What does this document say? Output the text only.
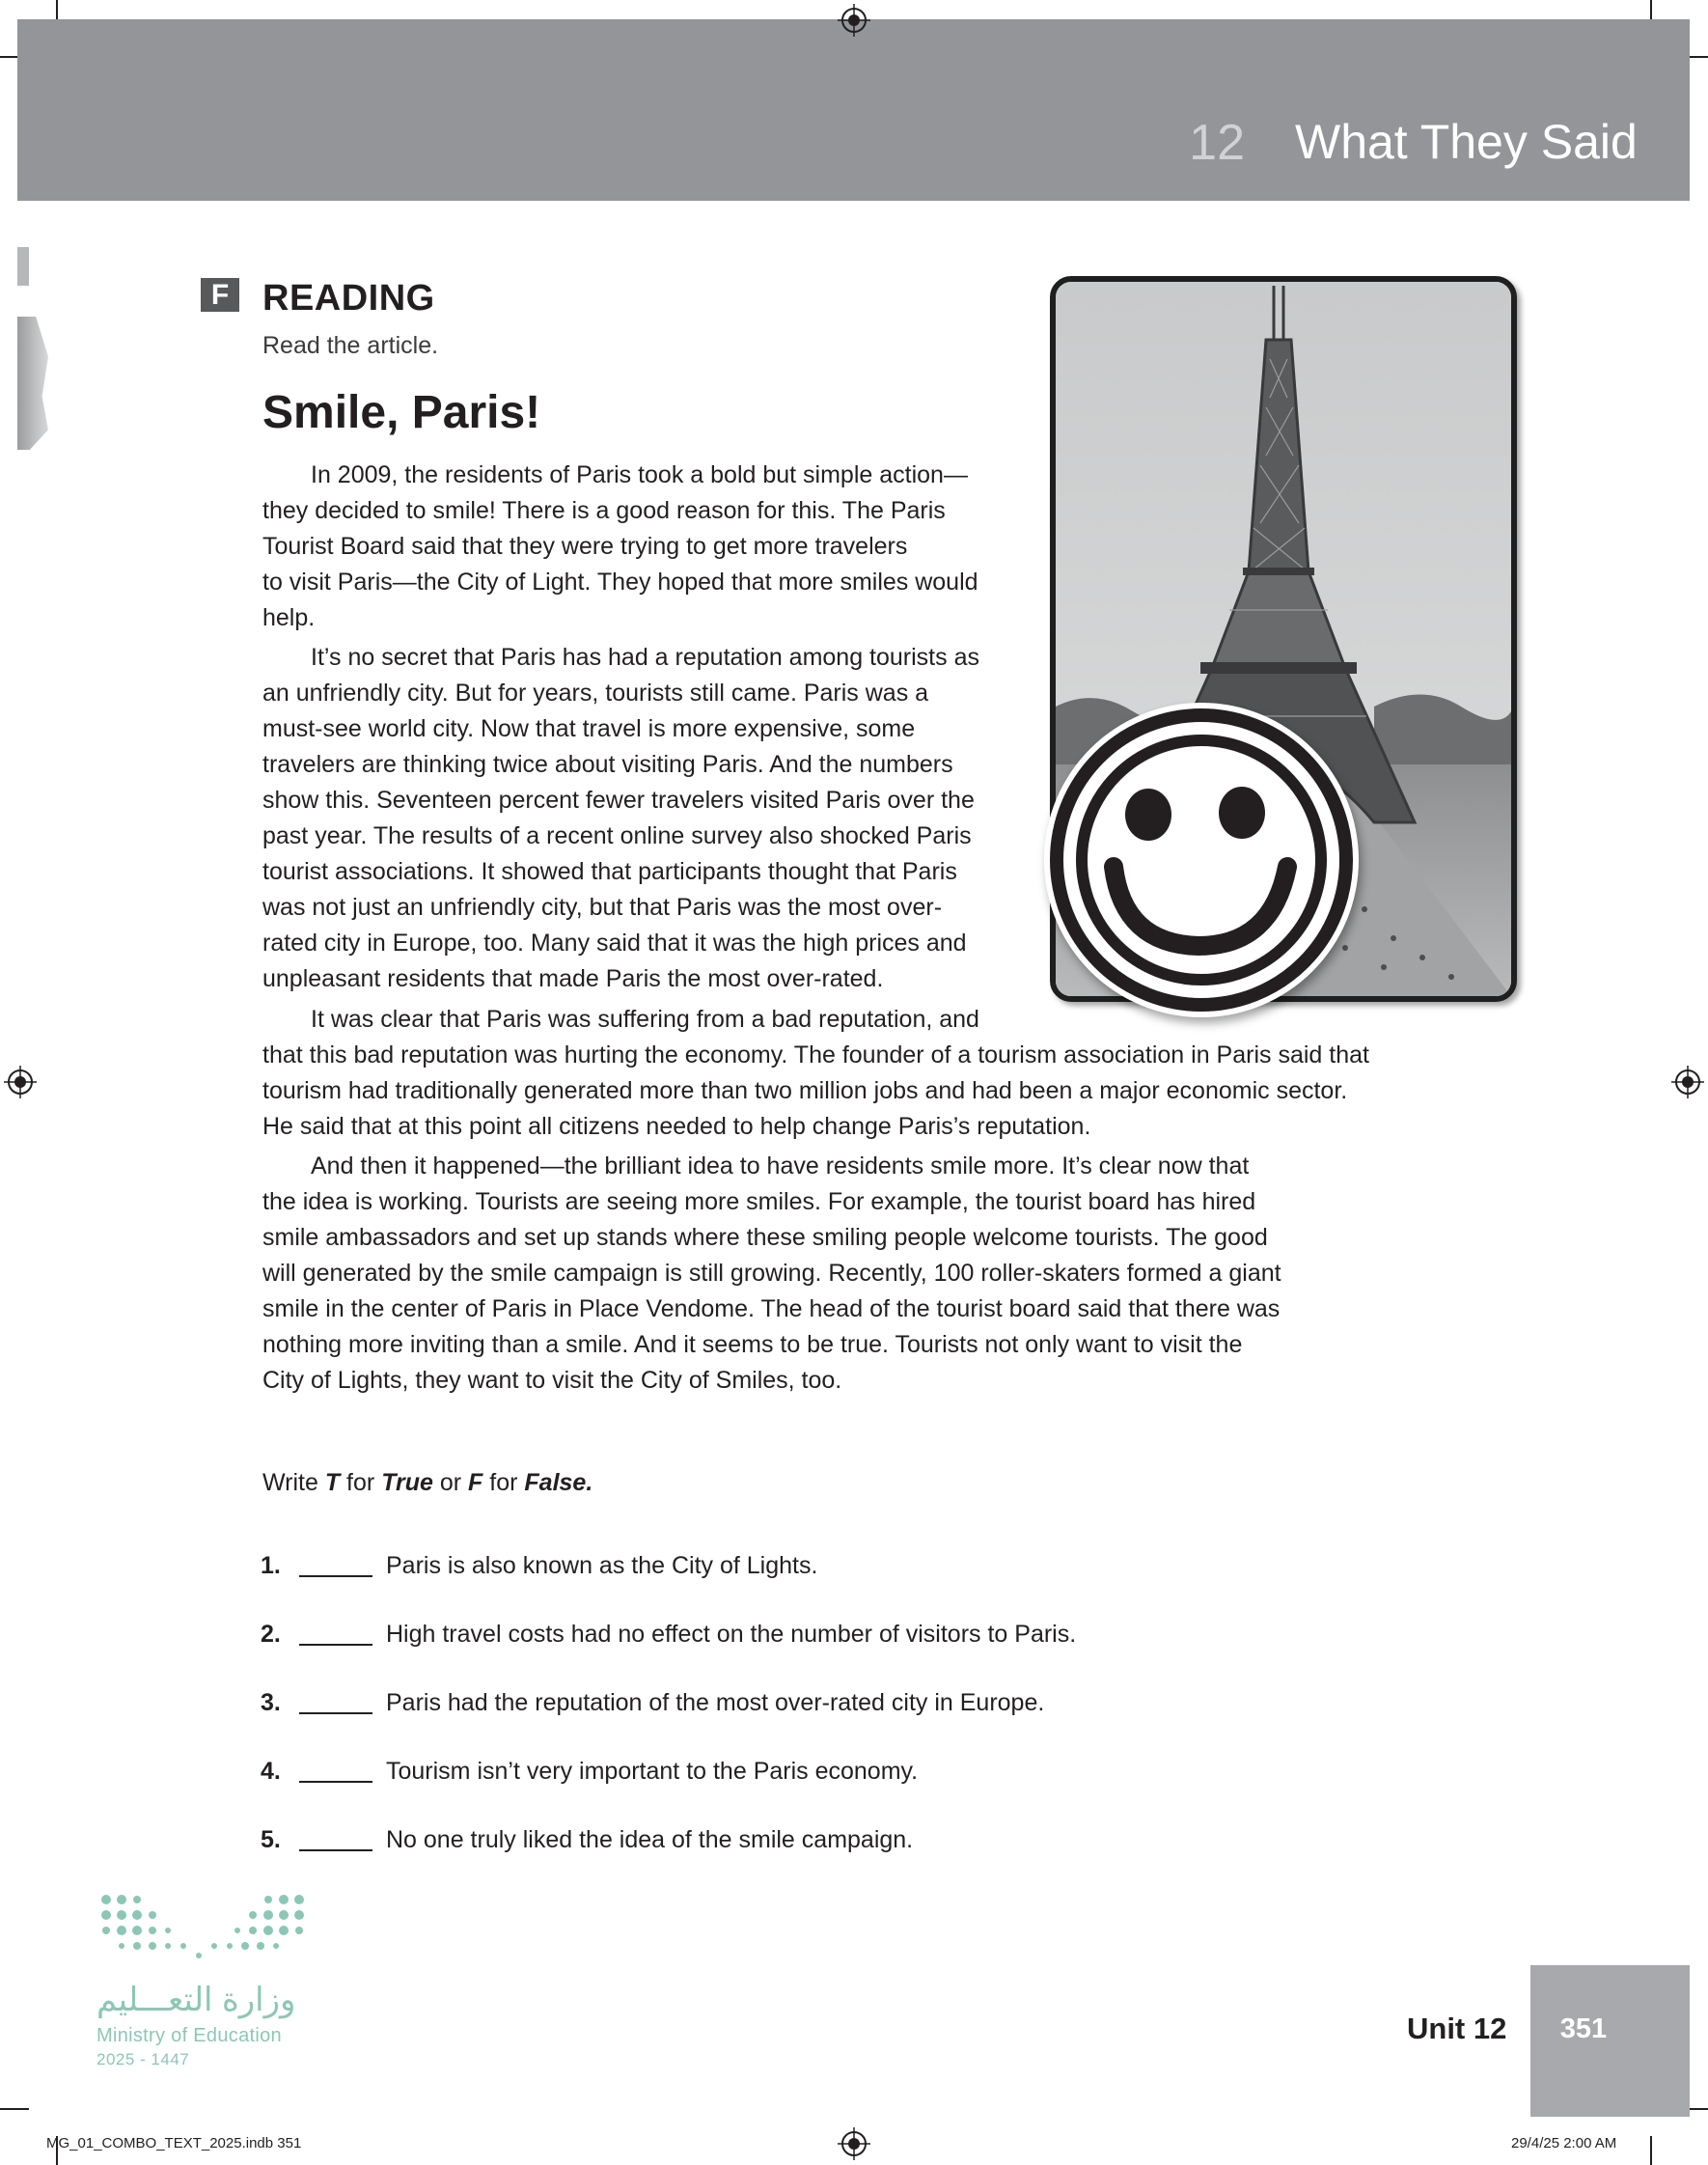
12 What They Said
F READING
Read the article.
Smile, Paris!

In 2009, the residents of Paris took a bold but simple action—
they decided to smile! There is a good reason for this. The Paris
Tourist Board said that they were trying to get more travelers
to visit Paris—the City of Light. They hoped that more smiles would
help.

It’s no secret that Paris has had a reputation among tourists as
an unfriendly city. But for years, tourists still came. Paris was a
must-see world city. Now that travel is more expensive, some
travelers are thinking twice about visiting Paris. And the numbers
show this. Seventeen percent fewer travelers visited Paris over the
past year. The results of a recent online survey also shocked Paris
tourist associations. It showed that participants thought that Paris
was not just an unfriendly city, but that Paris was the most over-
rated city in Europe, too. Many said that it was the high prices and
unpleasant residents that made Paris the most over-rated.

It was clear that Paris was suffering from a bad reputation, and
that this bad reputation was hurting the economy. The founder of a tourism association in Paris said that
tourism had traditionally generated more than two million jobs and had been a major economic sector.
He said that at this point all citizens needed to help change Paris’s reputation.

And then it happened—the brilliant idea to have residents smile more. It’s clear now that
the idea is working. Tourists are seeing more smiles. For example, the tourist board has hired
smile ambassadors and set up stands where these smiling people welcome tourists. The good
will generated by the smile campaign is still growing. Recently, 100 roller-skaters formed a giant
smile in the center of Paris in Place Vendome. The head of the tourist board said that there was
nothing more inviting than a smile. And it seems to be true. Tourists not only want to visit the
City of Lights, they want to visit the City of Smiles, too.

Write T for True or F for False.
1.	Paris is also known as the City of Lights.
2.	High travel costs had no effect on the number of visitors to Paris.
3.	Paris had the reputation of the most over-rated city in Europe.
4.	Tourism isn’t very important to the Paris economy.
5.	No one truly liked the idea of the smile campaign.
وزارة التعـــليم
Ministry of Education
2025 - 1447
Unit 12	351
MG_01_COMBO_TEXT_2025.indb 351	29/4/25 2:00 AM
